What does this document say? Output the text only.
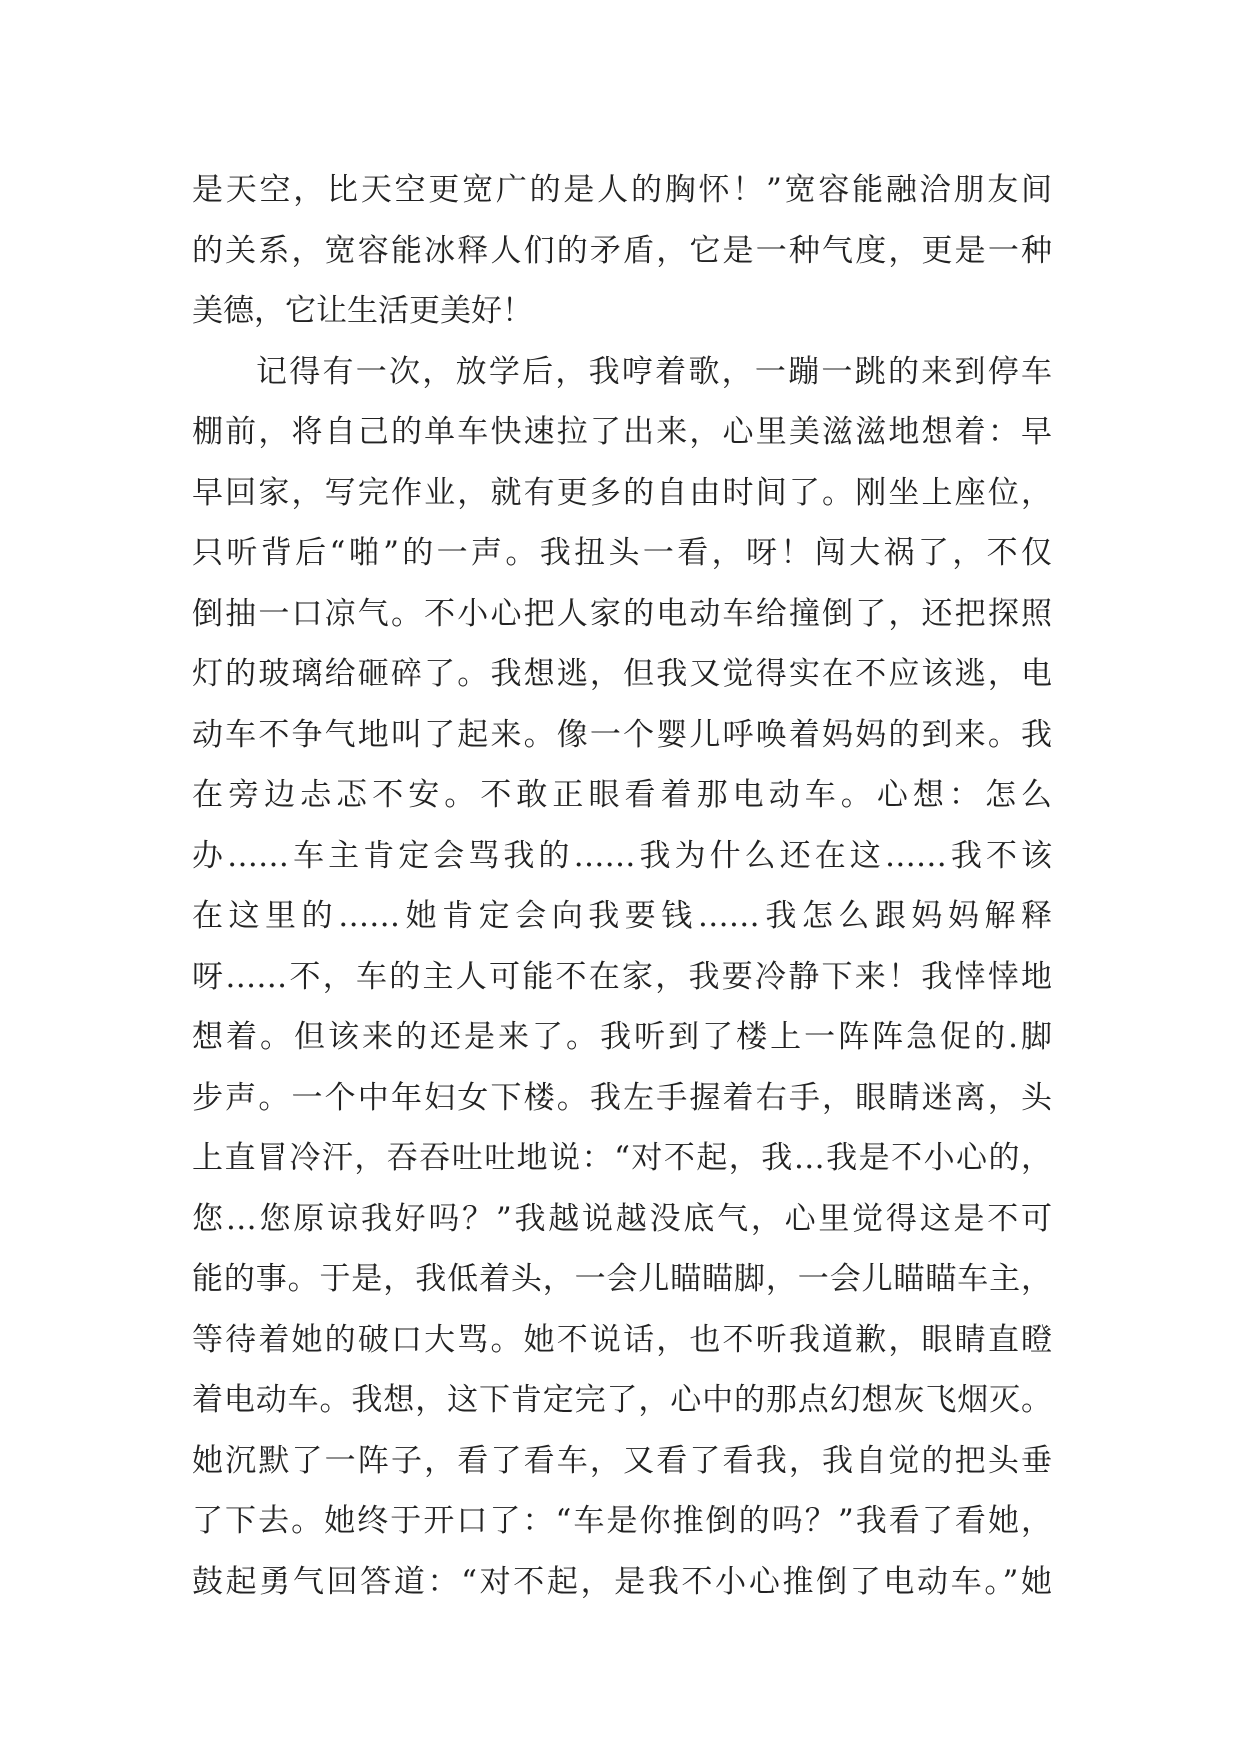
是天空，比天空更宽广的是人的胸怀！”宽容能融洽朋友间
的关系，宽容能冰释人们的矛盾，它是一种气度，更是一种
美德，它让生活更美好！
记得有一次，放学后，我哼着歌，一蹦一跳的来到停车
棚前，将自己的单车快速拉了出来，心里美滋滋地想着：早
早回家，写完作业，就有更多的自由时间了。刚坐上座位，
只听背后“啪”的一声。我扭头一看，呀！闯大祸了，不仅
倒抽一口凉气。不小心把人家的电动车给撞倒了，还把探照
灯的玻璃给砸碎了。我想逃，但我又觉得实在不应该逃，电
动车不争气地叫了起来。像一个婴儿呼唤着妈妈的到来。我
在旁边忐忑不安。不敢正眼看着那电动车。心想：怎么
办……车主肯定会骂我的……我为什么还在这……我不该
在这里的……她肯定会向我要钱……我怎么跟妈妈解释
呀……不，车的主人可能不在家，我要冷静下来！我悻悻地
想着。但该来的还是来了。我听到了楼上一阵阵急促的.脚
步声。一个中年妇女下楼。我左手握着右手，眼睛迷离，头
上直冒冷汗，吞吞吐吐地说：“对不起，我…我是不小心的，
您…您原谅我好吗？”我越说越没底气，心里觉得这是不可
能的事。于是，我低着头，一会儿瞄瞄脚，一会儿瞄瞄车主，
等待着她的破口大骂。她不说话，也不听我道歉，眼睛直瞪
着电动车。我想，这下肯定完了，心中的那点幻想灰飞烟灭。
她沉默了一阵子，看了看车，又看了看我，我自觉的把头垂
了下去。她终于开口了：“车是你推倒的吗？”我看了看她，
鼓起勇气回答道：“对不起，是我不小心推倒了电动车。”她
